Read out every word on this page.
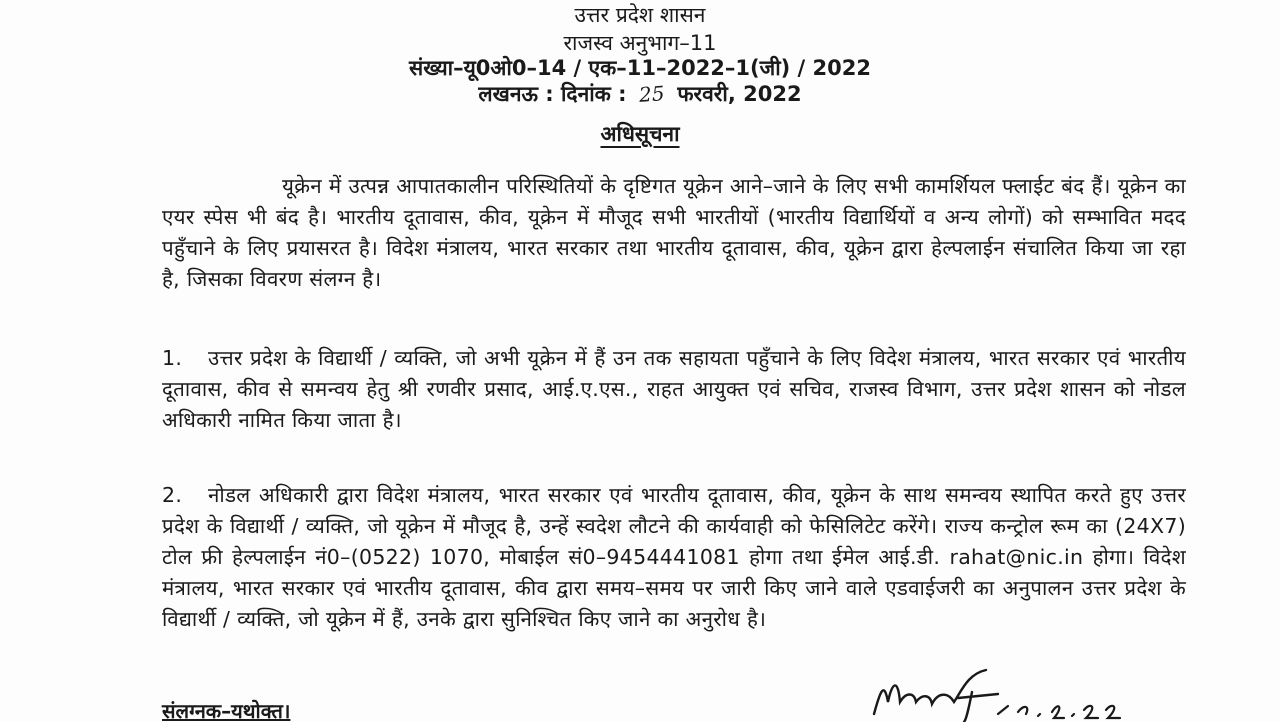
उत्तर प्रदेश शासन
राजस्व अनुभाग–11
संख्या–यू0ओ0–14 / एक–11–2022–1(जी) / 2022
लखनऊ : दिनांक : 25 फरवरी, 2022
अधिसूचना
यूक्रेन में उत्पन्न आपातकालीन परिस्थितियों के दृष्टिगत यूक्रेन आने–जाने के लिए सभी कामर्शियल फ्लाईट बंद हैं। यूक्रेन का एयर स्पेस भी बंद है। भारतीय दूतावास, कीव, यूक्रेन में मौजूद सभी भारतीयों (भारतीय विद्यार्थियों व अन्य लोगों) को सम्भावित मदद पहुँचाने के लिए प्रयासरत है। विदेश मंत्रालय, भारत सरकार तथा भारतीय दूतावास, कीव, यूक्रेन द्वारा हेल्पलाईन संचालित किया जा रहा है, जिसका विवरण संलग्न है।
1. उत्तर प्रदेश के विद्यार्थी / व्यक्ति, जो अभी यूक्रेन में हैं उन तक सहायता पहुँचाने के लिए विदेश मंत्रालय, भारत सरकार एवं भारतीय दूतावास, कीव से समन्वय हेतु श्री रणवीर प्रसाद, आई.ए.एस., राहत आयुक्त एवं सचिव, राजस्व विभाग, उत्तर प्रदेश शासन को नोडल अधिकारी नामित किया जाता है।
2. नोडल अधिकारी द्वारा विदेश मंत्रालय, भारत सरकार एवं भारतीय दूतावास, कीव, यूक्रेन के साथ समन्वय स्थापित करते हुए उत्तर प्रदेश के विद्यार्थी / व्यक्ति, जो यूक्रेन में मौजूद है, उन्हें स्वदेश लौटने की कार्यवाही को फेसिलिटेट करेंगे। राज्य कन्ट्रोल रूम का (24X7) टोल फ्री हेल्पलाईन नं0–(0522) 1070, मोबाईल सं0–9454441081 होगा तथा ईमेल आई.डी. rahat@nic.in होगा। विदेश मंत्रालय, भारत सरकार एवं भारतीय दूतावास, कीव द्वारा समय–समय पर जारी किए जाने वाले एडवाईजरी का अनुपालन उत्तर प्रदेश के विद्यार्थी / व्यक्ति, जो यूक्रेन में हैं, उनके द्वारा सुनिश्चित किए जाने का अनुरोध है।
संलग्नक–यथोक्त।
